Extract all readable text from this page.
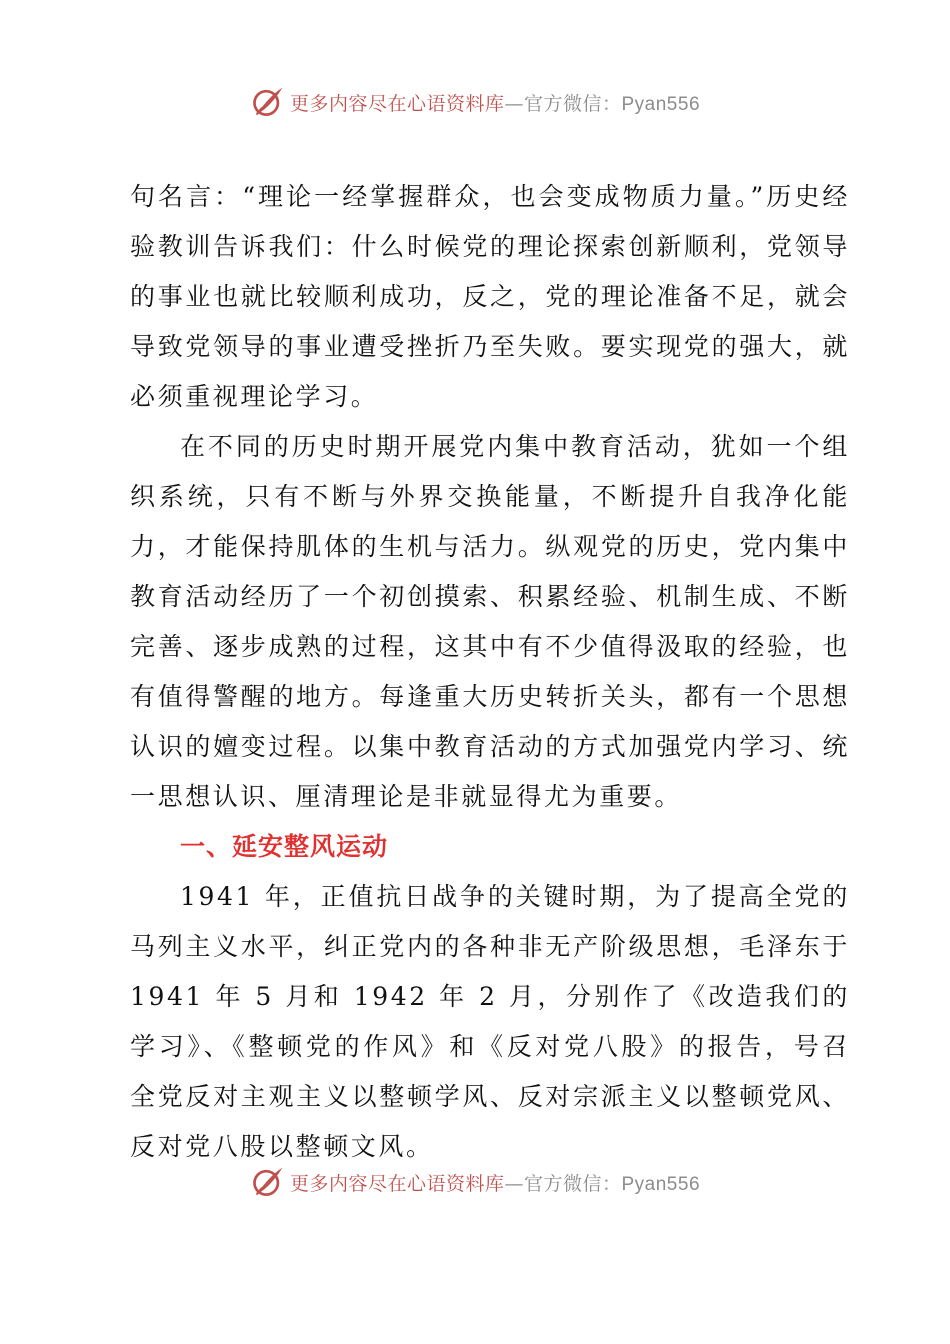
更多内容尽在心语资料库—官方微信：Pyan556

句名言：“理论一经掌握群众，也会变成物质力量。”历史经验教训告诉我们：什么时候党的理论探索创新顺利，党领导的事业也就比较顺利成功，反之，党的理论准备不足，就会导致党领导的事业遭受挫折乃至失败。要实现党的强大，就必须重视理论学习。

在不同的历史时期开展党内集中教育活动，犹如一个组织系统，只有不断与外界交换能量，不断提升自我净化能力，才能保持肌体的生机与活力。纵观党的历史，党内集中教育活动经历了一个初创摸索、积累经验、机制生成、不断完善、逐步成熟的过程，这其中有不少值得汲取的经验，也有值得警醒的地方。每逢重大历史转折关头，都有一个思想认识的嬗变过程。以集中教育活动的方式加强党内学习、统一思想认识、厘清理论是非就显得尤为重要。

一、延安整风运动

1941 年，正值抗日战争的关键时期，为了提高全党的马列主义水平，纠正党内的各种非无产阶级思想，毛泽东于 1941 年 5 月和 1942 年 2 月，分别作了《改造我们的学习》、《整顿党的作风》和《反对党八股》的报告，号召全党反对主观主义以整顿学风、反对宗派主义以整顿党风、反对党八股以整顿文风。

更多内容尽在心语资料库—官方微信：Pyan556
